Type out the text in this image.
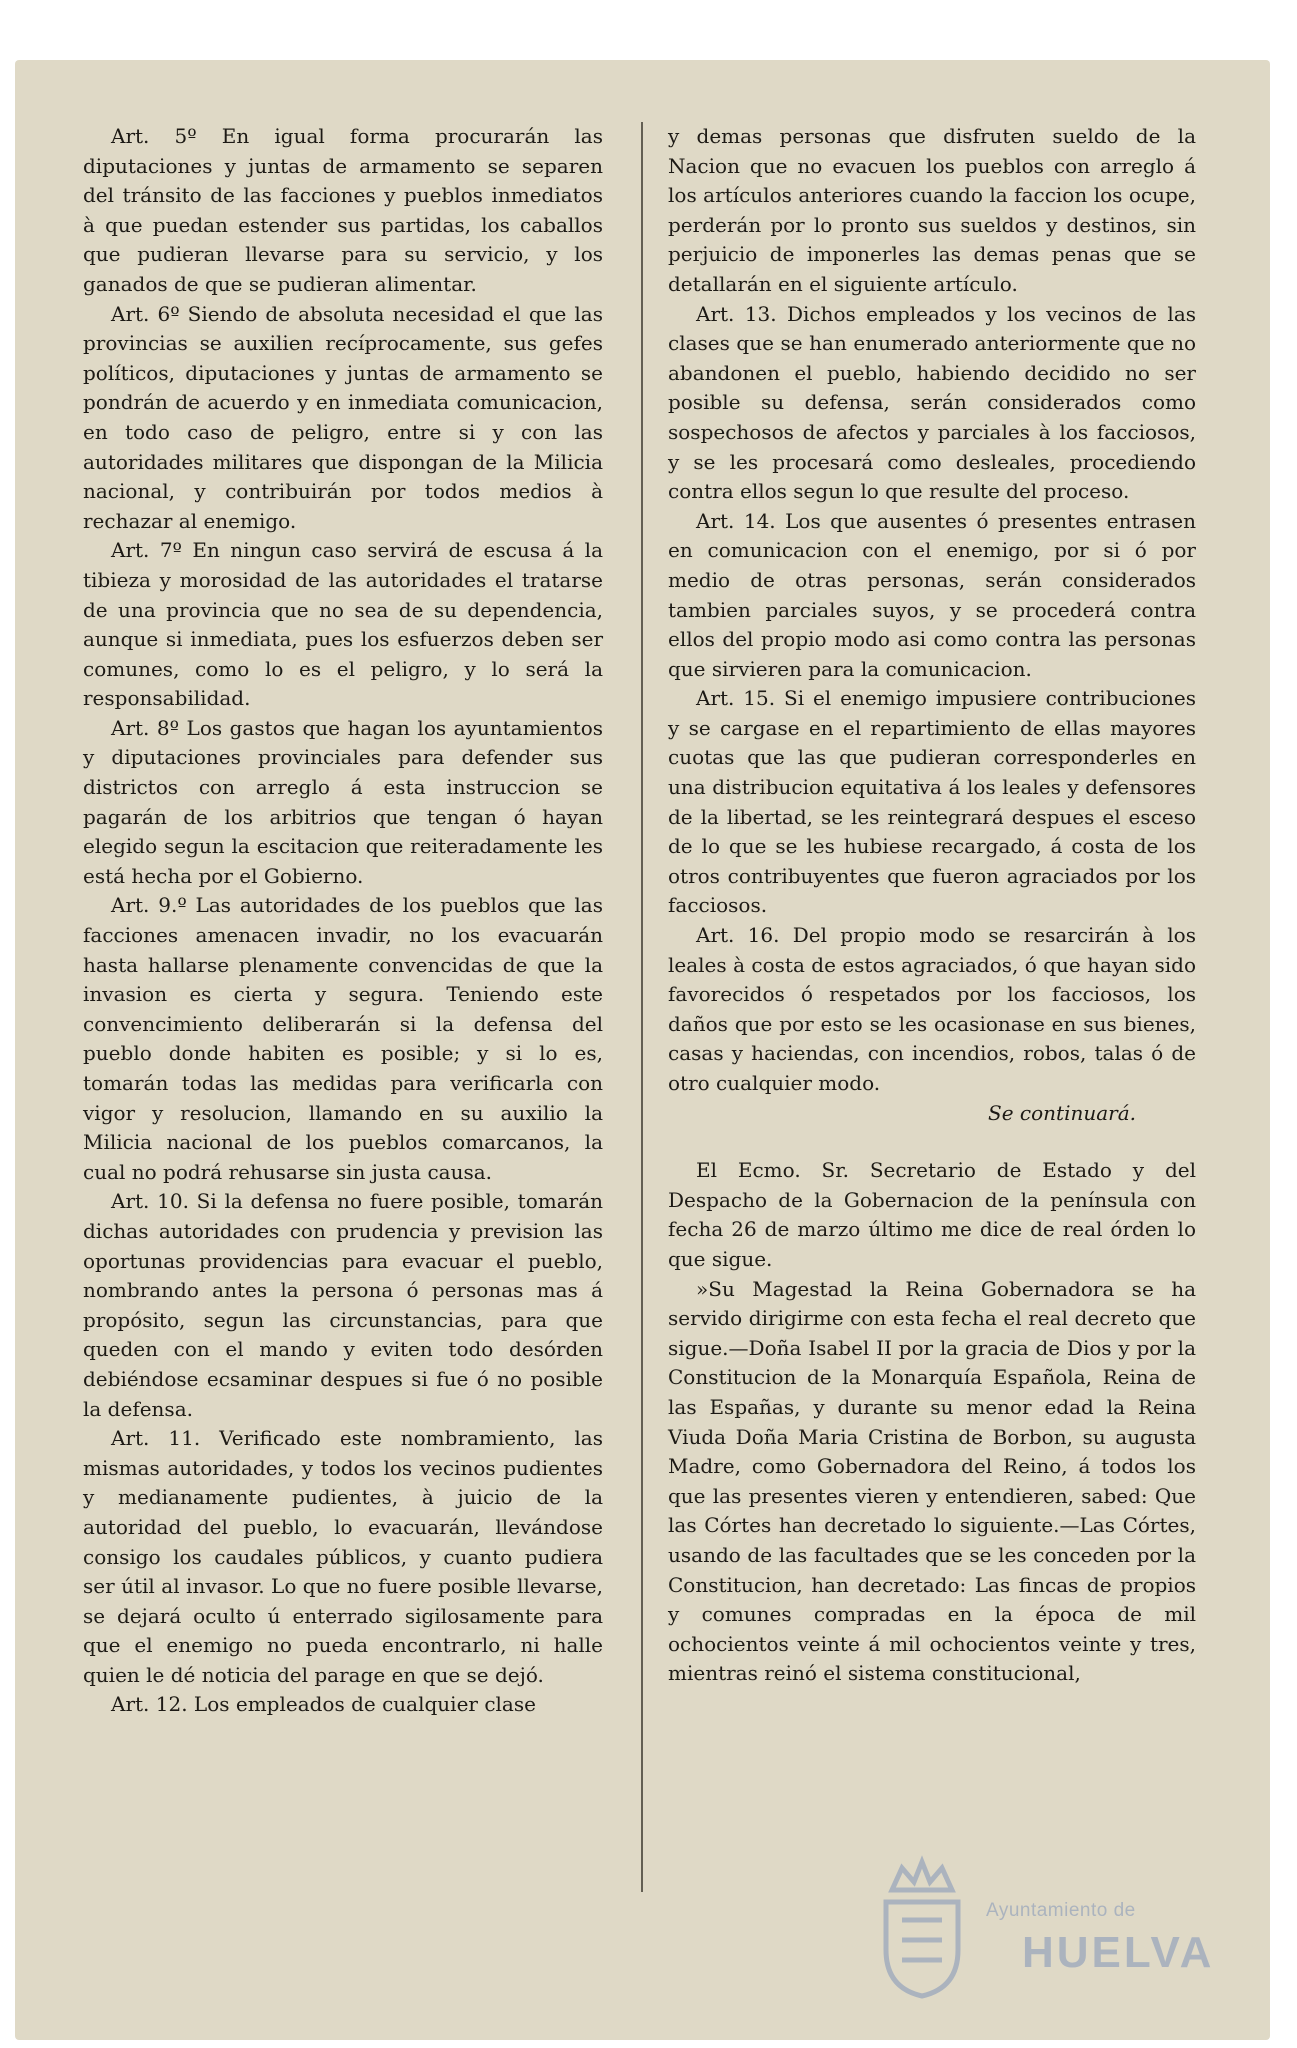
Art. 5º En igual forma procurarán las diputaciones y juntas de armamento se separen del tránsito de las facciones y pueblos inmediatos à que puedan estender sus partidas, los caballos que pudieran llevarse para su servicio, y los ganados de que se pudieran alimentar.

Art. 6º Siendo de absoluta necesidad el que las provincias se auxilien recíprocamente, sus gefes políticos, diputaciones y juntas de armamento se pondrán de acuerdo y en inmediata comunicacion, en todo caso de peligro, entre si y con las autoridades militares que dispongan de la Milicia nacional, y contribuirán por todos medios à rechazar al enemigo.

Art. 7º En ningun caso servirá de escusa á la tibieza y morosidad de las autoridades el tratarse de una provincia que no sea de su dependencia, aunque si inmediata, pues los esfuerzos deben ser comunes, como lo es el peligro, y lo será la responsabilidad.

Art. 8º Los gastos que hagan los ayuntamientos y diputaciones provinciales para defender sus districtos con arreglo á esta instruccion se pagarán de los arbitrios que tengan ó hayan elegido segun la escitacion que reiteradamente les está hecha por el Gobierno.

Art. 9.º Las autoridades de los pueblos que las facciones amenacen invadir, no los evacuarán hasta hallarse plenamente convencidas de que la invasion es cierta y segura. Teniendo este convencimiento deliberarán si la defensa del pueblo donde habiten es posible; y si lo es, tomarán todas las medidas para verificarla con vigor y resolucion, llamando en su auxilio la Milicia nacional de los pueblos comarcanos, la cual no podrá rehusarse sin justa causa.

Art. 10. Si la defensa no fuere posible, tomarán dichas autoridades con prudencia y prevision las oportunas providencias para evacuar el pueblo, nombrando antes la persona ó personas mas á propósito, segun las circunstancias, para que queden con el mando y eviten todo desórden debiéndose ecsaminar despues si fue ó no posible la defensa.

Art. 11. Verificado este nombramiento, las mismas autoridades, y todos los vecinos pudientes y medianamente pudientes, à juicio de la autoridad del pueblo, lo evacuarán, llevándose consigo los caudales públicos, y cuanto pudiera ser útil al invasor. Lo que no fuere posible llevarse, se dejará oculto ú enterrado sigilosamente para que el enemigo no pueda encontrarlo, ni halle quien le dé noticia del parage en que se dejó.

Art. 12. Los empleados de cualquier clase

y demas personas que disfruten sueldo de la Nacion que no evacuen los pueblos con arreglo á los artículos anteriores cuando la faccion los ocupe, perderán por lo pronto sus sueldos y destinos, sin perjuicio de imponerles las demas penas que se detallarán en el siguiente artículo.

Art. 13. Dichos empleados y los vecinos de las clases que se han enumerado anteriormente que no abandonen el pueblo, habiendo decidido no ser posible su defensa, serán considerados como sospechosos de afectos y parciales à los facciosos, y se les procesará como desleales, procediendo contra ellos segun lo que resulte del proceso.

Art. 14. Los que ausentes ó presentes entrasen en comunicacion con el enemigo, por si ó por medio de otras personas, serán considerados tambien parciales suyos, y se procederá contra ellos del propio modo asi como contra las personas que sirvieren para la comunicacion.

Art. 15. Si el enemigo impusiere contribuciones y se cargase en el repartimiento de ellas mayores cuotas que las que pudieran corresponderles en una distribucion equitativa á los leales y defensores de la libertad, se les reintegrará despues el esceso de lo que se les hubiese recargado, á costa de los otros contribuyentes que fueron agraciados por los facciosos.

Art. 16. Del propio modo se resarcirán à los leales à costa de estos agraciados, ó que hayan sido favorecidos ó respetados por los facciosos, los daños que por esto se les ocasionase en sus bienes, casas y haciendas, con incendios, robos, talas ó de otro cualquier modo.

Se continuará.

El Ecmo. Sr. Secretario de Estado y del Despacho de la Gobernacion de la península con fecha 26 de marzo último me dice de real órden lo que sigue.

»Su Magestad la Reina Gobernadora se ha servido dirigirme con esta fecha el real decreto que sigue.—Doña Isabel II por la gracia de Dios y por la Constitucion de la Monarquía Española, Reina de las Españas, y durante su menor edad la Reina Viuda Doña Maria Cristina de Borbon, su augusta Madre, como Gobernadora del Reino, á todos los que las presentes vieren y entendieren, sabed: Que las Córtes han decretado lo siguiente.—Las Córtes, usando de las facultades que se les conceden por la Constitucion, han decretado: Las fincas de propios y comunes compradas en la época de mil ochocientos veinte á mil ochocientos veinte y tres, mientras reinó el sistema constitucional,

Ayuntamiento de
HUELVA
